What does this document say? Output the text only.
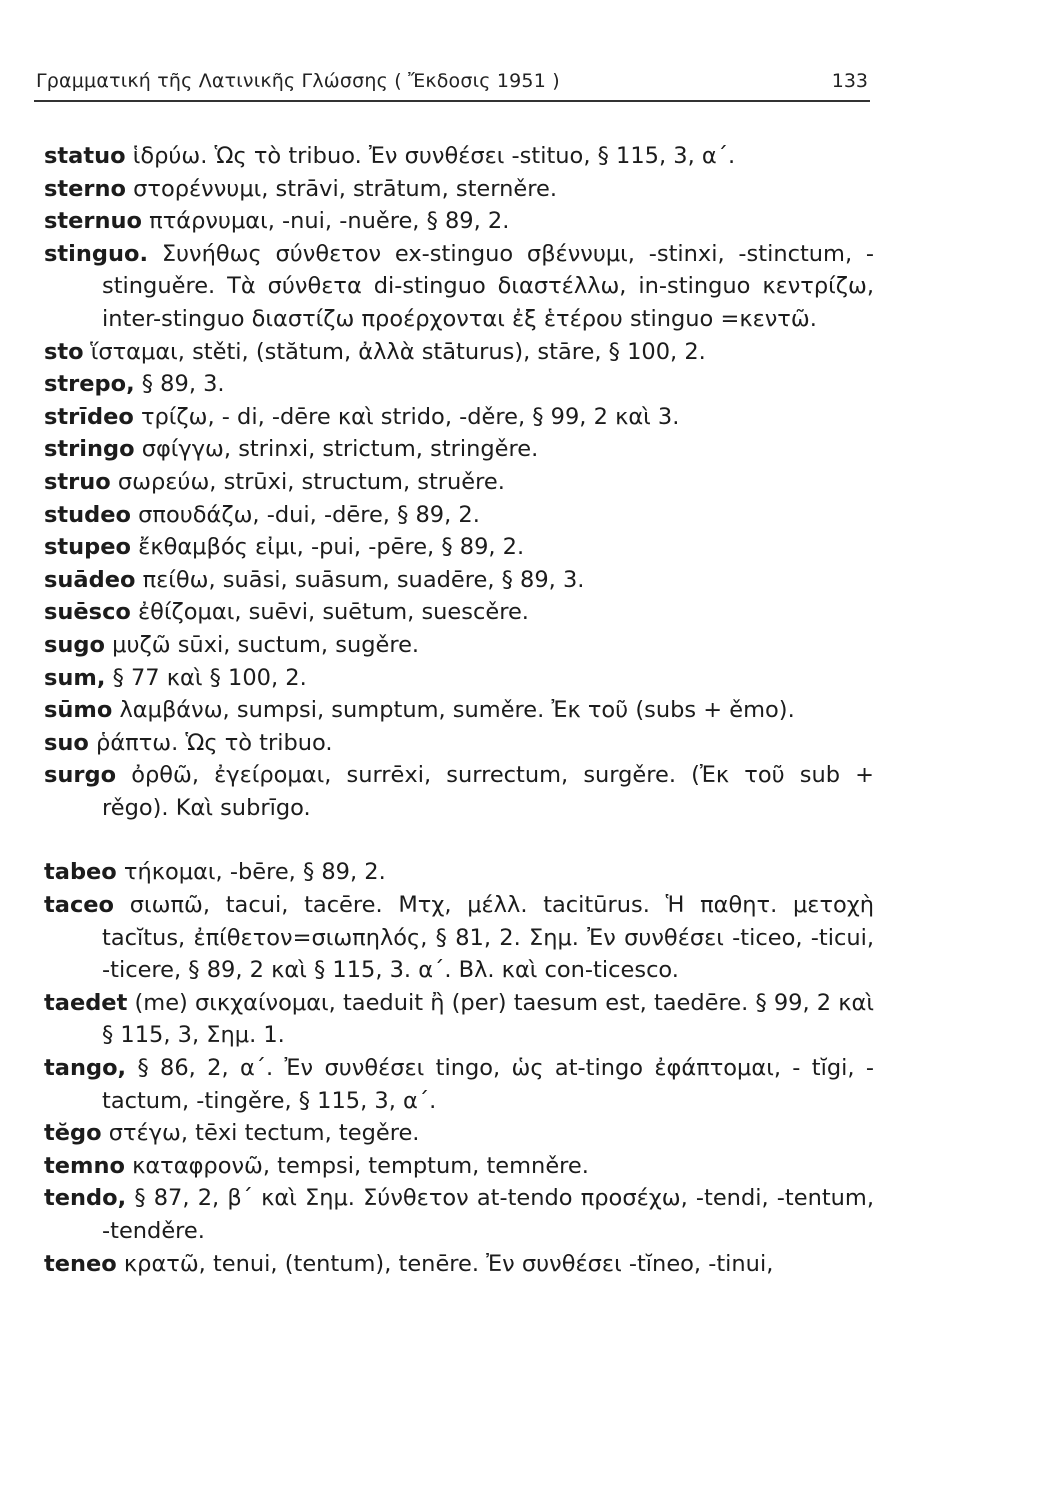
Γραμματική τῆς Λατινικῆς Γλώσσης ( Ἔκδοσις 1951 )	133

statuo ἱδρύω. Ὡς τὸ tribuo. Ἐν συνθέσει -stituo, § 115, 3, α΄.

sterno στορέννυμι, strāvi, strātum, sterněre.

sternuo πτάρνυμαι, -nui, -nuěre, § 89, 2.

stinguo. Συνήθως σύνθετον ex-stinguo σβέννυμι, -stinxi, -stinctum, -stinguěre. Τὰ σύνθετα di-stinguo διαστέλλω, in-stinguo κεντρίζω, inter-stinguo διαστίζω προέρχονται ἐξ ἑτέρου stinguo =κεντῶ.

sto ἵσταμαι, stěti, (stătum, ἀλλὰ stāturus), stāre, § 100, 2.

strepo, § 89, 3.

strīdeo τρίζω, - di, -dēre καὶ strido, -děre, § 99, 2 καὶ 3.

stringo σφίγγω, strinxi, strictum, stringěre.

struo σωρεύω, strūxi, structum, struěre.

studeo σπουδάζω, -dui, -dēre, § 89, 2.

stupeo ἔκθαμβός εἰμι, -pui, -pēre, § 89, 2.

suādeo πείθω, suāsi, suāsum, suadēre, § 89, 3.

suēsco ἐθίζομαι, suēvi, suētum, suescěre.

sugo μυζῶ sūxi, suctum, sugěre.

sum, § 77 καὶ § 100, 2.

sūmo λαμβάνω, sumpsi, sumptum, suměre. Ἐκ τοῦ (subs + ěmo).

suo ῥάπτω. Ὡς τὸ tribuo.

surgo ὀρθῶ, ἐγείρομαι, surrēxi, surrectum, surgěre. (Ἐκ τοῦ sub + rěgo). Καὶ subrīgo.

tabeo τήκομαι, -bēre, § 89, 2.

taceo σιωπῶ, tacui, tacēre. Μτχ, μέλλ. tacitūrus. Ἡ παθητ. μετοχὴ tacĭtus, ἐπίθετον=σιωπηλός, § 81, 2. Σημ. Ἐν συνθέσει -ticeo, -ticui, -ticere, § 89, 2 καὶ § 115, 3. α΄. Βλ. καὶ con-ticesco.

taedet (me) σικχαίνομαι, taeduit ἢ (per) taesum est, taedēre. § 99, 2 καὶ § 115, 3, Σημ. 1.

tango, § 86, 2, α΄. Ἐν συνθέσει tingo, ὡς at-tingo ἐφάπτομαι, - tĭgi, -tactum, -tingěre, § 115, 3, α΄.

tĕgo στέγω, tēxi tectum, tegěre.

temno καταφρονῶ, tempsi, temptum, temněre.

tendo, § 87, 2, β΄ καὶ Σημ. Σύνθετον at-tendo προσέχω, -tendi, -tentum, -tenděre.

teneo κρατῶ, tenui, (tentum), tenēre. Ἐν συνθέσει -tĭneo, -tinui,
